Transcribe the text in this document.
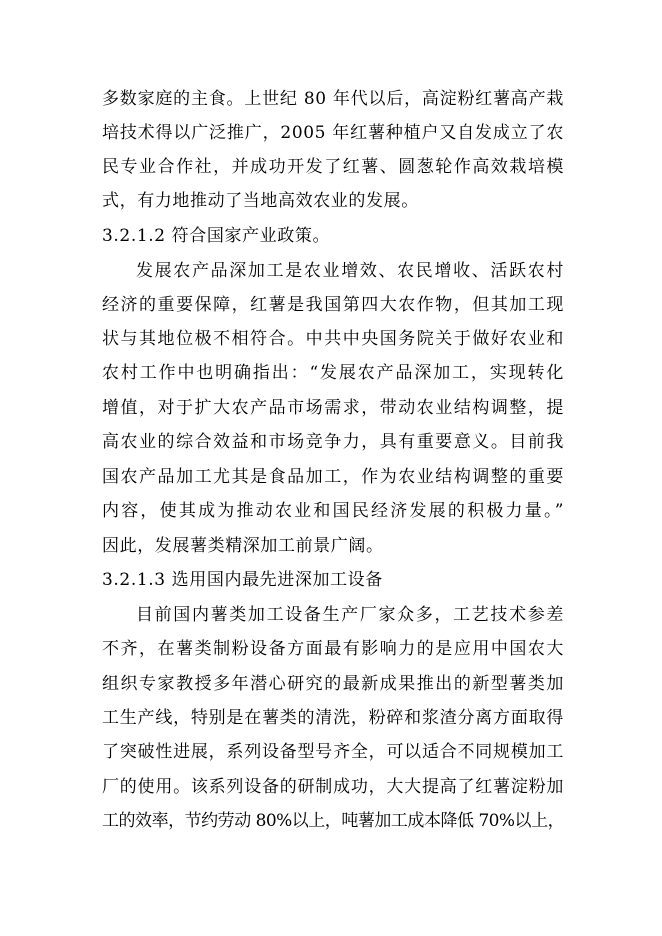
多数家庭的主食。上世纪 80 年代以后，高淀粉红薯高产栽
培技术得以广泛推广，2005 年红薯种植户又自发成立了农
民专业合作社，并成功开发了红薯、圆葱轮作高效栽培模
式，有力地推动了当地高效农业的发展。
3.2.1.2 符合国家产业政策。
发展农产品深加工是农业增效、农民增收、活跃农村
经济的重要保障，红薯是我国第四大农作物，但其加工现
状与其地位极不相符合。中共中央国务院关于做好农业和
农村工作中也明确指出：“发展农产品深加工，实现转化
增值，对于扩大农产品市场需求，带动农业结构调整，提
高农业的综合效益和市场竞争力，具有重要意义。目前我
国农产品加工尤其是食品加工，作为农业结构调整的重要
内容，使其成为推动农业和国民经济发展的积极力量。”
因此，发展薯类精深加工前景广阔。
3.2.1.3 选用国内最先进深加工设备
目前国内薯类加工设备生产厂家众多，工艺技术参差
不齐，在薯类制粉设备方面最有影响力的是应用中国农大
组织专家教授多年潜心研究的最新成果推出的新型薯类加
工生产线，特别是在薯类的清洗，粉碎和浆渣分离方面取得
了突破性进展，系列设备型号齐全，可以适合不同规模加工
厂的使用。该系列设备的研制成功，大大提高了红薯淀粉加
工的效率，节约劳动 80%以上，吨薯加工成本降低 70%以上，
